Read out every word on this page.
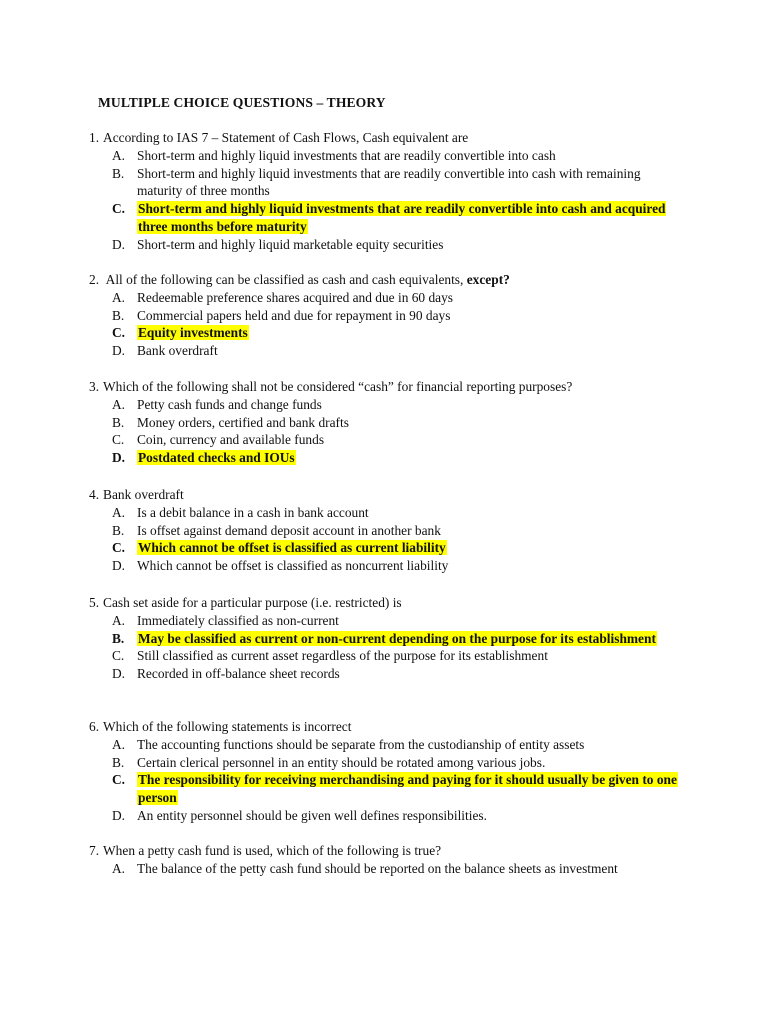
MULTIPLE CHOICE QUESTIONS – THEORY
1. According to IAS 7 – Statement of Cash Flows, Cash equivalent are
A. Short-term and highly liquid investments that are readily convertible into cash
B. Short-term and highly liquid investments that are readily convertible into cash with remaining maturity of three months
C. Short-term and highly liquid investments that are readily convertible into cash and acquired three months before maturity
D. Short-term and highly liquid marketable equity securities
2. All of the following can be classified as cash and cash equivalents, except?
A. Redeemable preference shares acquired and due in 60 days
B. Commercial papers held and due for repayment in 90 days
C. Equity investments
D. Bank overdraft
3. Which of the following shall not be considered “cash” for financial reporting purposes?
A. Petty cash funds and change funds
B. Money orders, certified and bank drafts
C. Coin, currency and available funds
D. Postdated checks and IOUs
4. Bank overdraft
A. Is a debit balance in a cash in bank account
B. Is offset against demand deposit account in another bank
C. Which cannot be offset is classified as current liability
D. Which cannot be offset is classified as noncurrent liability
5. Cash set aside for a particular purpose (i.e. restricted) is
A. Immediately classified as non-current
B.	May be classified as current or non-current depending on the purpose for its establishment
C. Still classified as current asset regardless of the purpose for its establishment
D. Recorded in off-balance sheet records
6. Which of the following statements is incorrect
A. The accounting functions should be separate from the custodianship of entity assets
B. Certain clerical personnel in an entity should be rotated among various jobs.
C. The responsibility for receiving merchandising and paying for it should usually be given to one person
D. An entity personnel should be given well defines responsibilities.
7. When a petty cash fund is used, which of the following is true?
A. The balance of the petty cash fund should be reported on the balance sheets as investment
